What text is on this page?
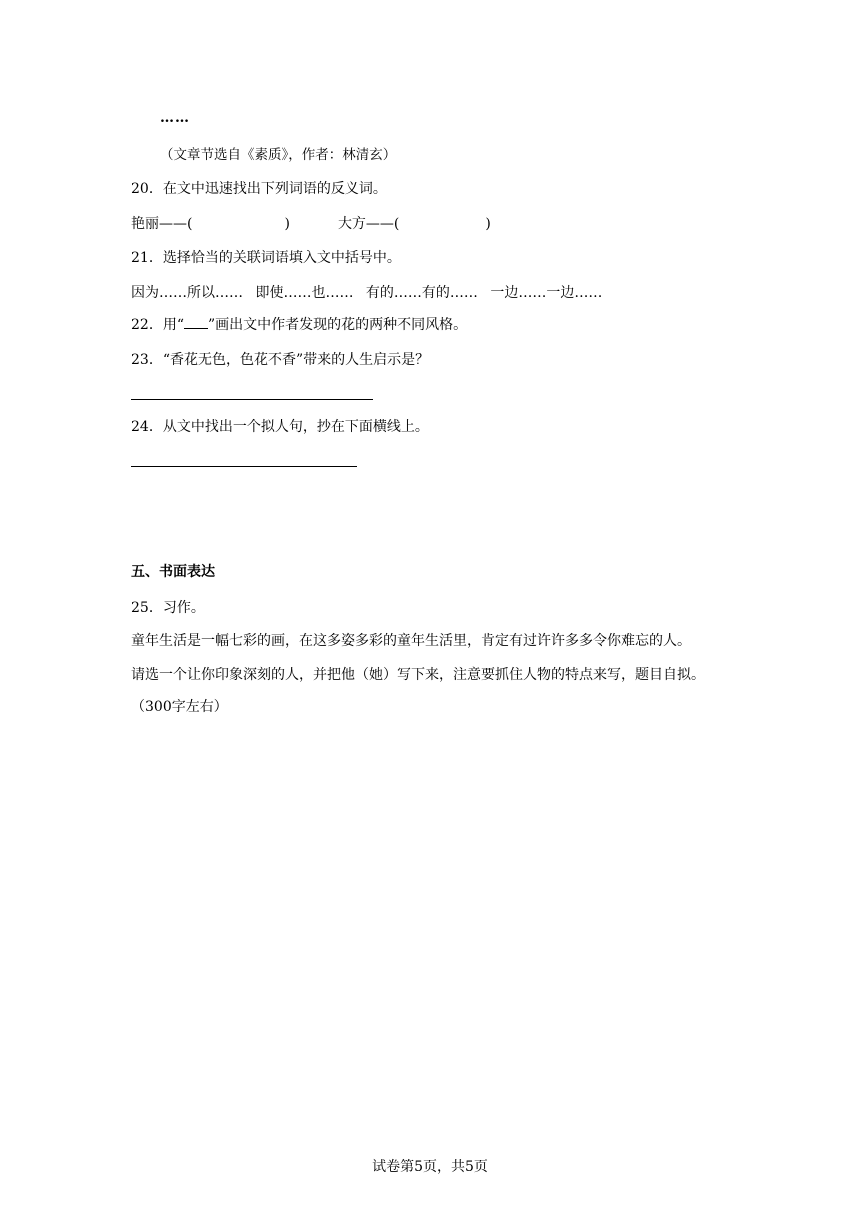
……
（文章节选自《素质》，作者：林清玄）
20．在文中迅速找出下列词语的反义词。
艳丽——(	)	大方——(	)
21．选择恰当的关联词语填入文中括号中。
因为……所以…… 即使……也…… 有的……有的…… 一边……一边……
22．用“ ”画出文中作者发现的花的两种不同风格。
23．“香花无色，色花不香”带来的人生启示是？
24．从文中找出一个拟人句，抄在下面横线上。
五、书面表达
25．习作。
童年生活是一幅七彩的画，在这多姿多彩的童年生活里，肯定有过许许多多令你难忘的人。
请选一个让你印象深刻的人，并把他（她）写下来，注意要抓住人物的特点来写，题目自拟。
（300字左右）
试卷第5页，共5页
